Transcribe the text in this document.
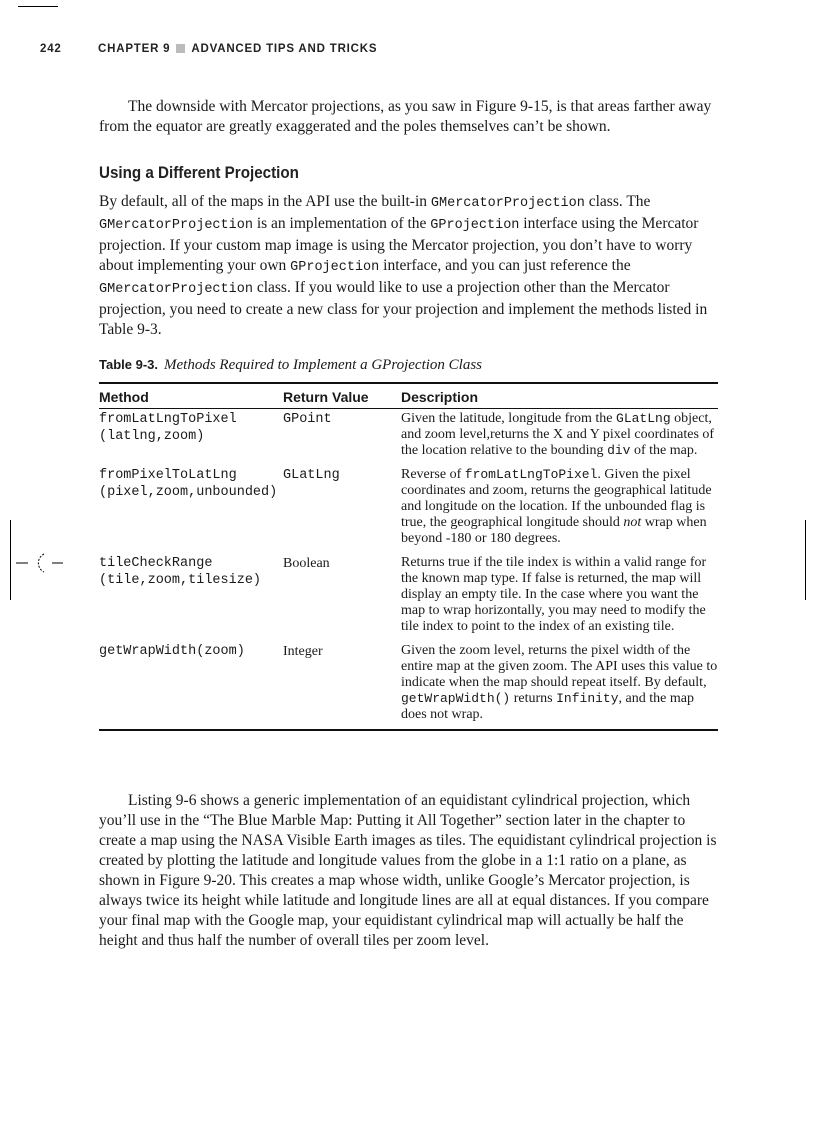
242	CHAPTER 9 ADVANCED TIPS AND TRICKS

The downside with Mercator projections, as you saw in Figure 9-15, is that areas farther away from the equator are greatly exaggerated and the poles themselves can’t be shown.

Using a Different Projection

By default, all of the maps in the API use the built-in GMercatorProjection class. The GMercatorProjection is an implementation of the GProjection interface using the Mercator projection. If your custom map image is using the Mercator projection, you don’t have to worry about implementing your own GProjection interface, and you can just reference the GMercatorProjection class. If you would like to use a projection other than the Mercator projection, you need to create a new class for your projection and implement the methods listed in Table 9-3.

Table 9-3. Methods Required to Implement a GProjection Class
Method	Return Value	Description
fromLatLngToPixel
(latlng,zoom)
GPoint	Given the latitude, longitude from the GLatLng object, and zoom level,returns the X and Y pixel coordinates of the location relative to the bounding div of the map.
fromPixelToLatLng
(pixel,zoom,unbounded)
GLatLng	Reverse of fromLatLngToPixel. Given the pixel coordinates and zoom, returns the geographical latitude and longitude on the location. If the unbounded flag is true, the geographical longitude should not wrap when beyond -180 or 180 degrees.
tileCheckRange
(tile,zoom,tilesize)
Boolean	Returns true if the tile index is within a valid range for the known map type. If false is returned, the map will display an empty tile. In the case where you want the map to wrap horizontally, you may need to modify the tile index to point to the index of an existing tile.
getWrapWidth(zoom)	Integer	Given the zoom level, returns the pixel width of the entire map at the given zoom. The API uses this value to indicate when the map should repeat itself. By default, getWrapWidth() returns Infinity, and the map does not wrap.

Listing 9-6 shows a generic implementation of an equidistant cylindrical projection, which you’ll use in the “The Blue Marble Map: Putting it All Together” section later in the chapter to create a map using the NASA Visible Earth images as tiles. The equidistant cylindrical projection is created by plotting the latitude and longitude values from the globe in a 1:1 ratio on a plane, as shown in Figure 9-20. This creates a map whose width, unlike Google’s Mercator projection, is always twice its height while latitude and longitude lines are all at equal distances. If you compare your final map with the Google map, your equidistant cylindrical map will actually be half the height and thus half the number of overall tiles per zoom level.
